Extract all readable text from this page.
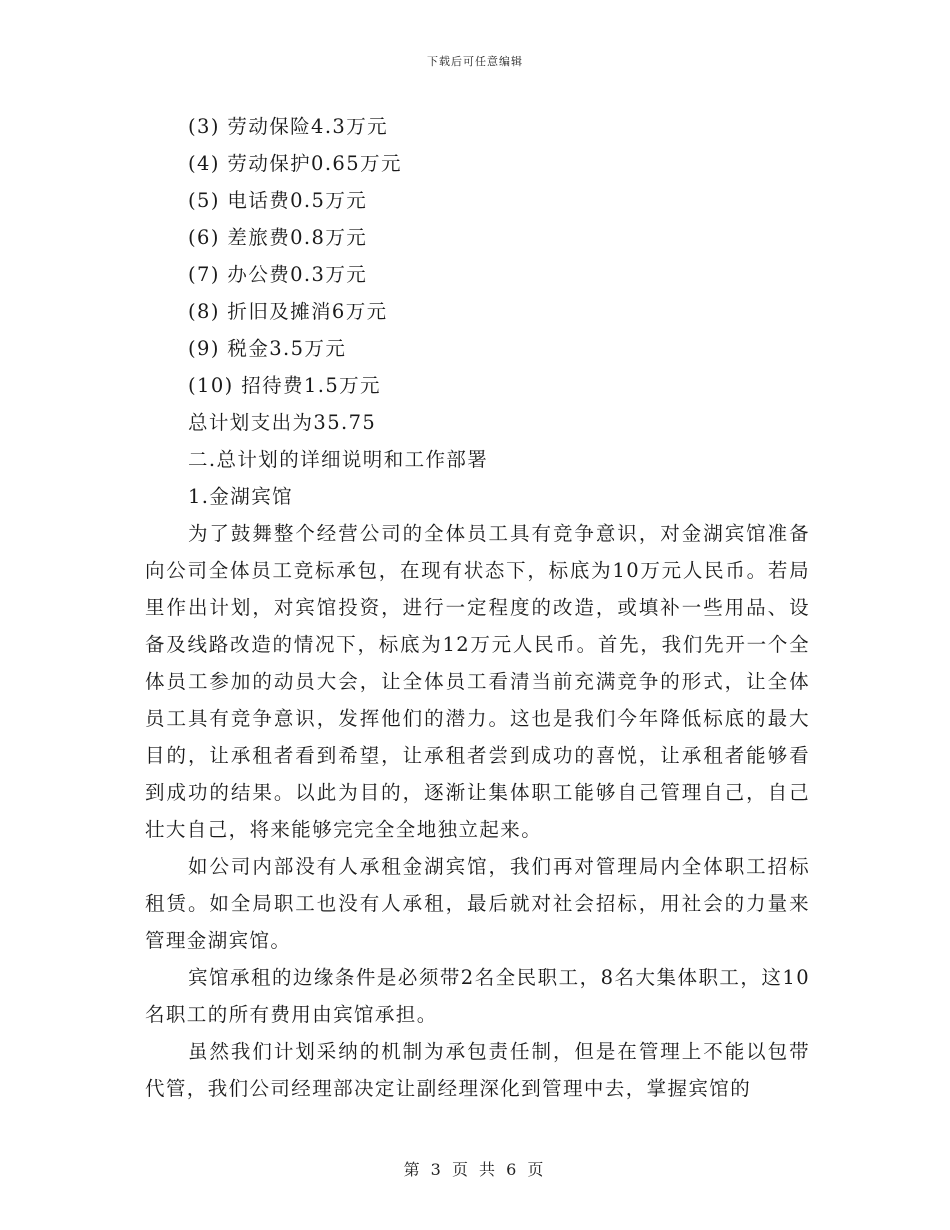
下载后可任意编辑
(3) 劳动保险4.3万元
(4) 劳动保护0.65万元
(5) 电话费0.5万元
(6) 差旅费0.8万元
(7) 办公费0.3万元
(8) 折旧及摊消6万元
(9) 税金3.5万元
(10) 招待费1.5万元
总计划支出为35.75
二.总计划的详细说明和工作部署
1.金湖宾馆

为了鼓舞整个经营公司的全体员工具有竞争意识，对金湖宾馆准备向公司全体员工竞标承包，在现有状态下，标底为10万元人民币。若局里作出计划，对宾馆投资，进行一定程度的改造，或填补一些用品、设备及线路改造的情况下，标底为12万元人民币。首先，我们先开一个全体员工参加的动员大会，让全体员工看清当前充满竞争的形式，让全体员工具有竞争意识，发挥他们的潜力。这也是我们今年降低标底的最大目的，让承租者看到希望，让承租者尝到成功的喜悦，让承租者能够看到成功的结果。以此为目的，逐渐让集体职工能够自己管理自己，自己壮大自己，将来能够完完全全地独立起来。

如公司内部没有人承租金湖宾馆，我们再对管理局内全体职工招标租赁。如全局职工也没有人承租，最后就对社会招标，用社会的力量来管理金湖宾馆。

宾馆承租的边缘条件是必须带2名全民职工，8名大集体职工，这10名职工的所有费用由宾馆承担。

虽然我们计划采纳的机制为承包责任制，但是在管理上不能以包带代管，我们公司经理部决定让副经理深化到管理中去，掌握宾馆的

第 3 页 共 6 页
